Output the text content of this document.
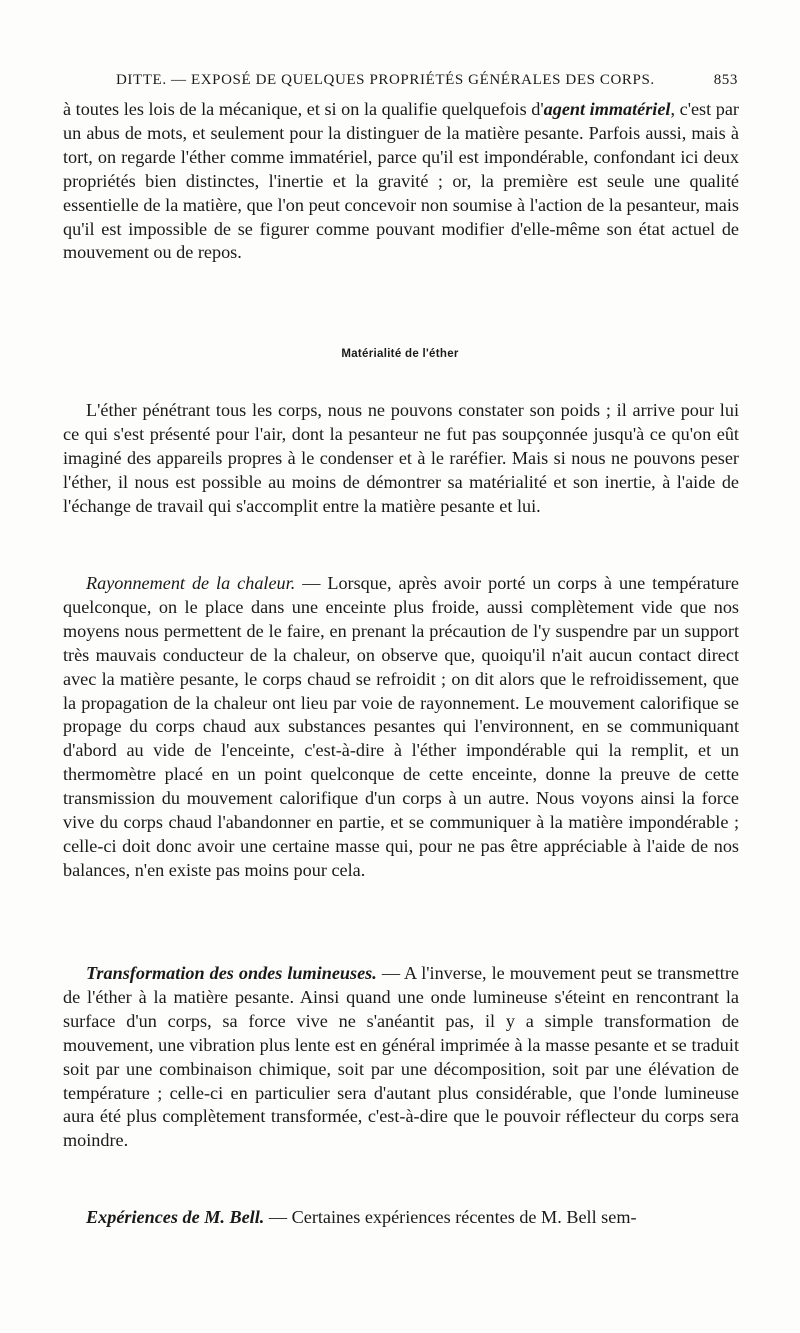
DITTE. — EXPOSÉ DE QUELQUES PROPRIÉTÉS GÉNÉRALES DES CORPS.	853

à toutes les lois de la mécanique, et si on la qualifie quelquefois d'agent immatériel, c'est par un abus de mots, et seulement pour la distinguer de la matière pesante. Parfois aussi, mais à tort, on regarde l'éther comme immatériel, parce qu'il est impondérable, confondant ici deux propriétés bien distinctes, l'inertie et la gravité ; or, la première est seule une qualité essentielle de la matière, que l'on peut concevoir non soumise à l'action de la pesanteur, mais qu'il est impossible de se figurer comme pouvant modifier d'elle-même son état actuel de mouvement ou de repos.

Matérialité de l'éther

L'éther pénétrant tous les corps, nous ne pouvons constater son poids ; il arrive pour lui ce qui s'est présenté pour l'air, dont la pesanteur ne fut pas soupçonnée jusqu'à ce qu'on eût imaginé des appareils propres à le condenser et à le raréfier. Mais si nous ne pouvons peser l'éther, il nous est possible au moins de démontrer sa matérialité et son inertie, à l'aide de l'échange de travail qui s'accomplit entre la matière pesante et lui.

Rayonnement de la chaleur. — Lorsque, après avoir porté un corps à une température quelconque, on le place dans une enceinte plus froide, aussi complètement vide que nos moyens nous permettent de le faire, en prenant la précaution de l'y suspendre par un support très mauvais conducteur de la chaleur, on observe que, quoiqu'il n'ait aucun contact direct avec la matière pesante, le corps chaud se refroidit ; on dit alors que le refroidissement, que la propagation de la chaleur ont lieu par voie de rayonnement. Le mouvement calorifique se propage du corps chaud aux substances pesantes qui l'environnent, en se communiquant d'abord au vide de l'enceinte, c'est-à-dire à l'éther impondérable qui la remplit, et un thermomètre placé en un point quelconque de cette enceinte, donne la preuve de cette transmission du mouvement calorifique d'un corps à un autre. Nous voyons ainsi la force vive du corps chaud l'abandonner en partie, et se communiquer à la matière impondérable ; celle-ci doit donc avoir une certaine masse qui, pour ne pas être appréciable à l'aide de nos balances, n'en existe pas moins pour cela.

Transformation des ondes lumineuses. — A l'inverse, le mouvement peut se transmettre de l'éther à la matière pesante. Ainsi quand une onde lumineuse s'éteint en rencontrant la surface d'un corps, sa force vive ne s'anéantit pas, il y a simple transformation de mouvement, une vibration plus lente est en général imprimée à la masse pesante et se traduit soit par une combinaison chimique, soit par une décomposition, soit par une élévation de température ; celle-ci en particulier sera d'autant plus considérable, que l'onde lumineuse aura été plus complètement transformée, c'est-à-dire que le pouvoir réflecteur du corps sera moindre.

Expériences de M. Bell. — Certaines expériences récentes de M. Bell sem-
